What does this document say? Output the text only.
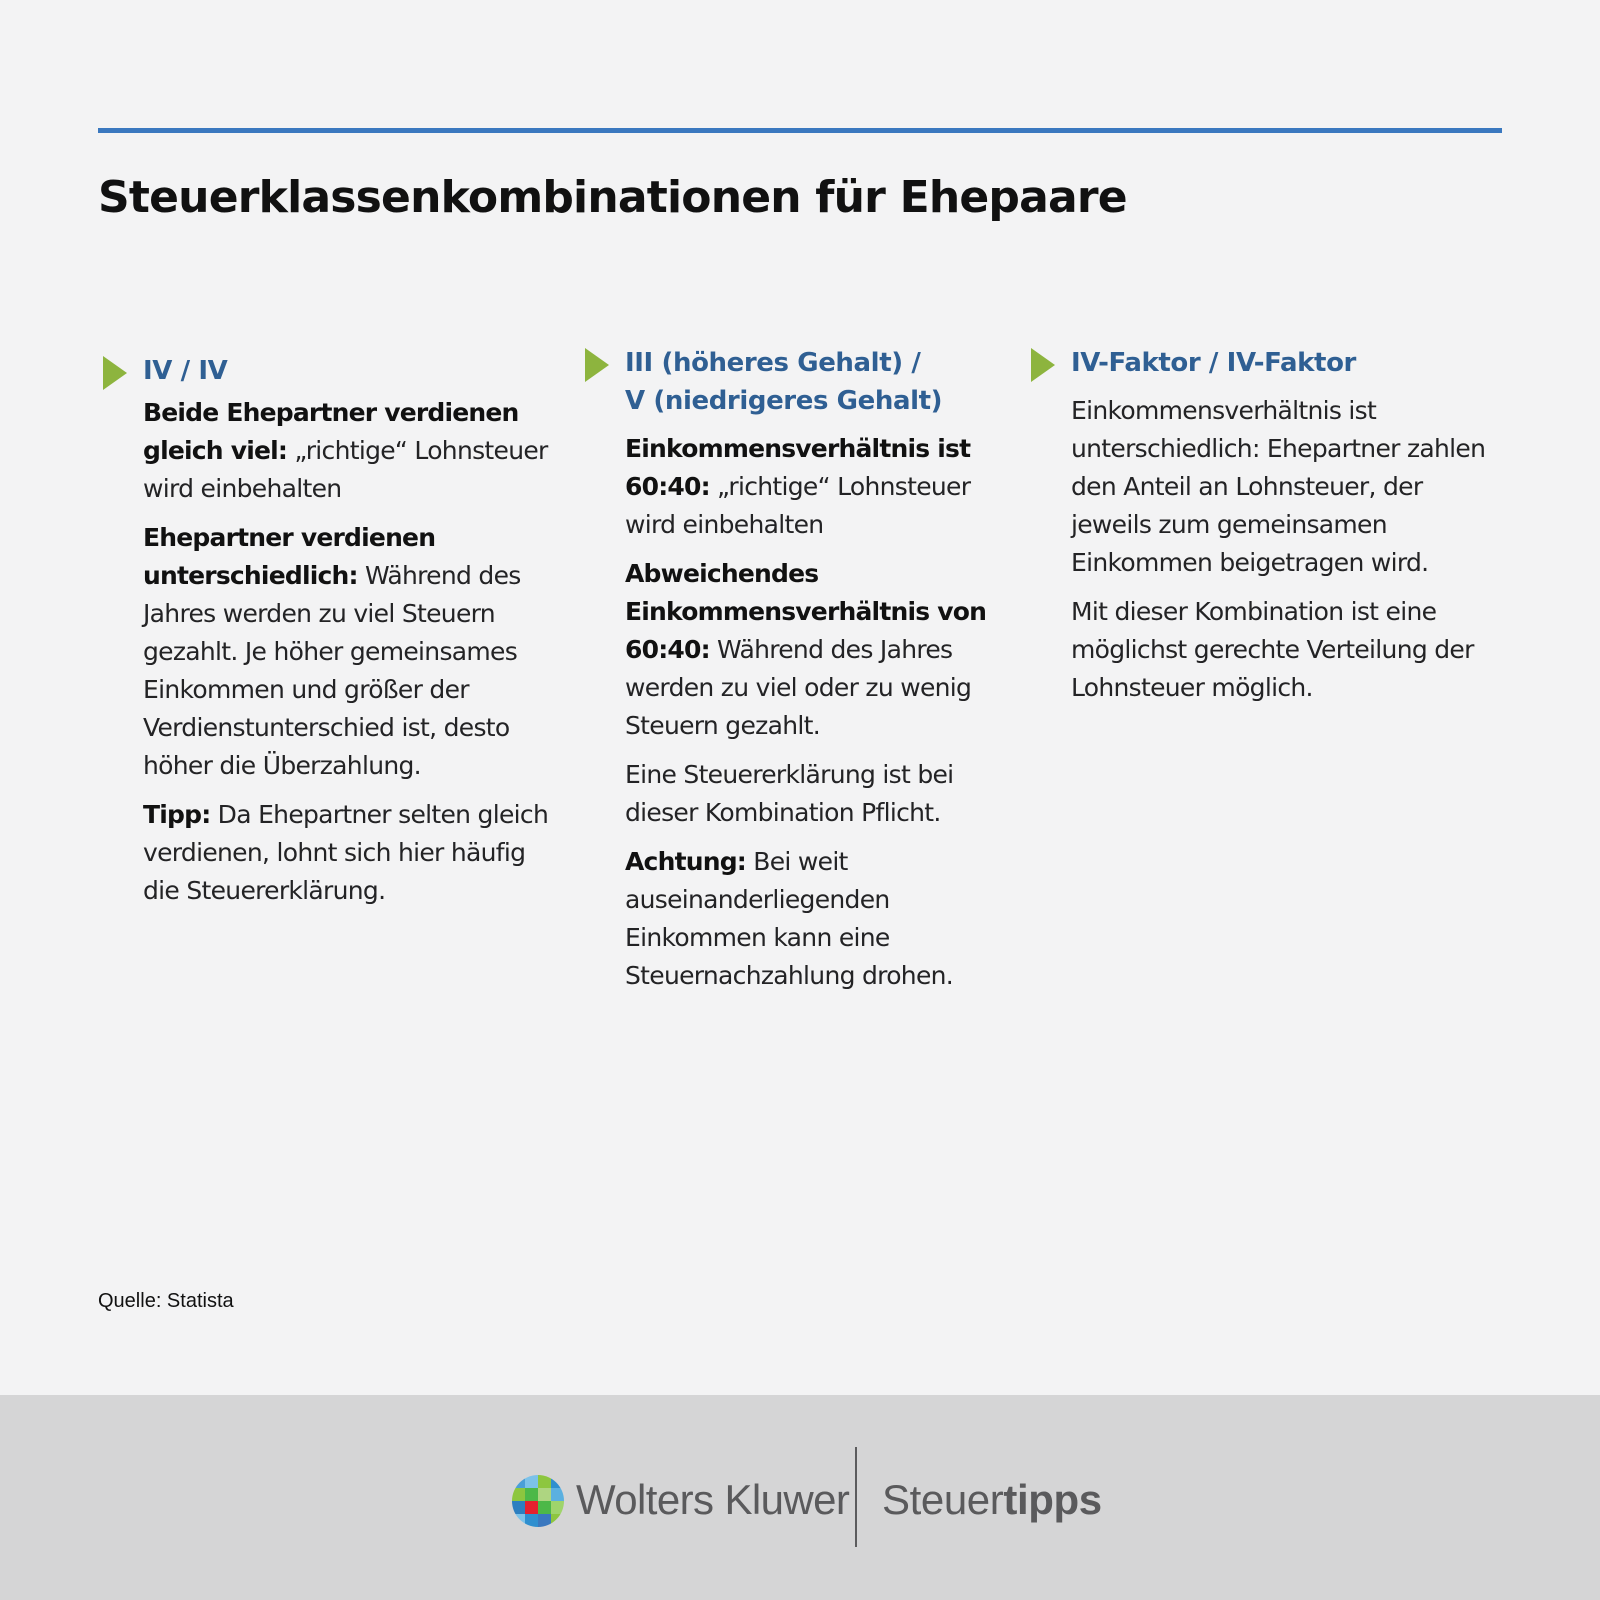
Steuerklassenkombinationen für Ehepaare
IV / IV

Beide Ehepartner verdienen gleich viel: „richtige“ Lohnsteuer wird einbehalten

Ehepartner verdienen unterschiedlich: Während des Jahres werden zu viel Steuern gezahlt. Je höher gemeinsames Einkommen und größer der Verdienstunterschied ist, desto höher die Überzahlung.

Tipp: Da Ehepartner selten gleich verdienen, lohnt sich hier häufig die Steuererklärung.

III (höheres Gehalt) /
V (niedrigeres Gehalt)

Einkommensverhältnis ist 60:40: „richtige“ Lohnsteuer wird einbehalten

Abweichendes Einkommensverhältnis von 60:40: Während des Jahres werden zu viel oder zu wenig Steuern gezahlt.

Eine Steuererklärung ist bei dieser Kombination Pflicht.

Achtung: Bei weit auseinanderliegenden Einkommen kann eine Steuernachzahlung drohen.

IV-Faktor / IV-Faktor

Einkommensverhältnis ist unterschiedlich: Ehepartner zahlen den Anteil an Lohnsteuer, der jeweils zum gemeinsamen Einkommen beigetragen wird.

Mit dieser Kombination ist eine möglichst gerechte Verteilung der Lohnsteuer möglich.

Quelle: Statista
Wolters Kluwer Steuertipps
